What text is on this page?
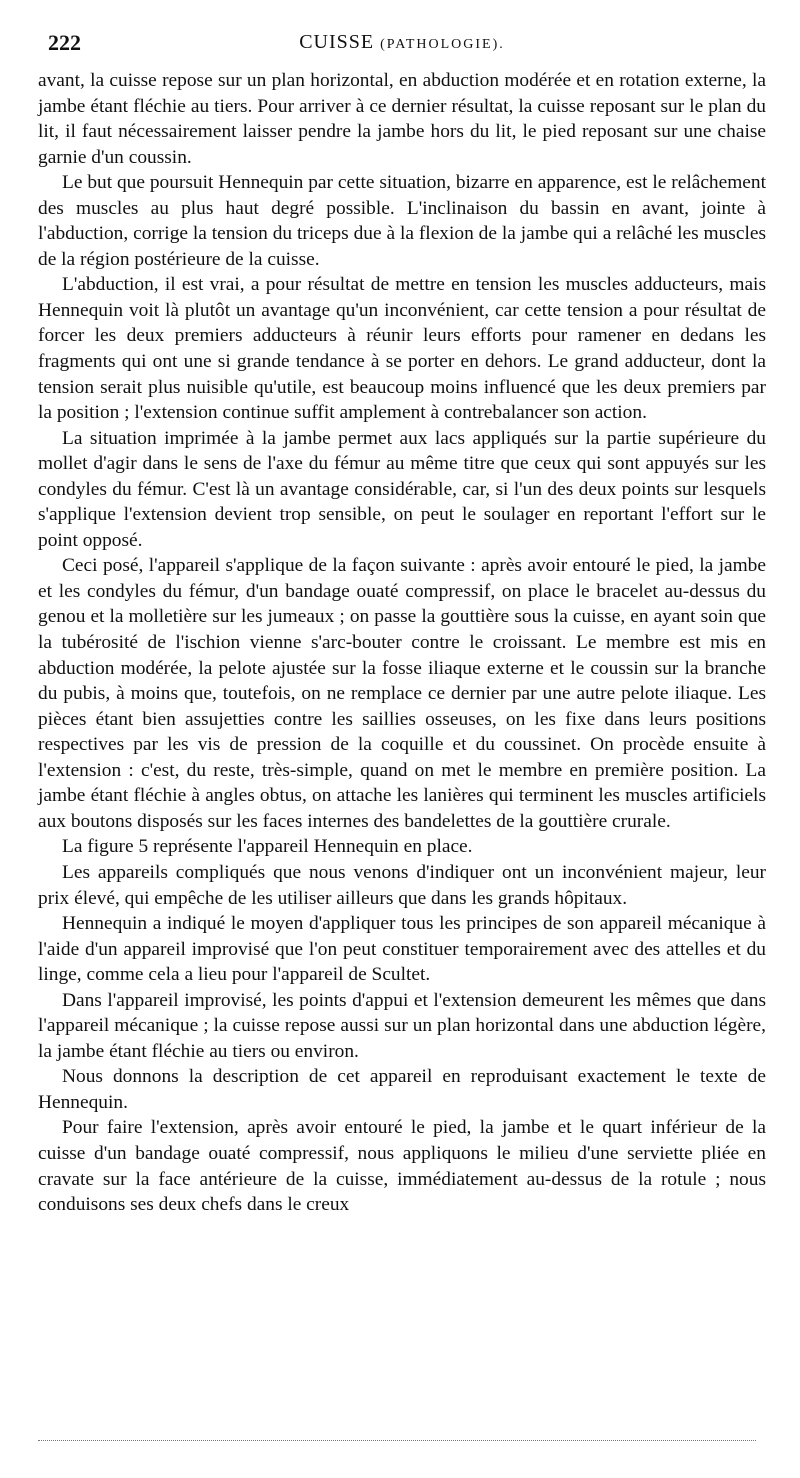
222	CUISSE (PATHOLOGIE).

avant, la cuisse repose sur un plan horizontal, en abduction modérée et en rotation externe, la jambe étant fléchie au tiers. Pour arriver à ce dernier résultat, la cuisse reposant sur le plan du lit, il faut nécessairement laisser pendre la jambe hors du lit, le pied reposant sur une chaise garnie d'un coussin.

Le but que poursuit Hennequin par cette situation, bizarre en apparence, est le relâchement des muscles au plus haut degré possible. L'inclinaison du bassin en avant, jointe à l'abduction, corrige la tension du triceps due à la flexion de la jambe qui a relâché les muscles de la région postérieure de la cuisse.

L'abduction, il est vrai, a pour résultat de mettre en tension les muscles adducteurs, mais Hennequin voit là plutôt un avantage qu'un inconvénient, car cette tension a pour résultat de forcer les deux premiers adducteurs à réunir leurs efforts pour ramener en dedans les fragments qui ont une si grande tendance à se porter en dehors. Le grand adducteur, dont la tension serait plus nuisible qu'utile, est beaucoup moins influencé que les deux premiers par la position ; l'extension continue suffit amplement à contrebalancer son action.

La situation imprimée à la jambe permet aux lacs appliqués sur la partie supérieure du mollet d'agir dans le sens de l'axe du fémur au même titre que ceux qui sont appuyés sur les condyles du fémur. C'est là un avantage considérable, car, si l'un des deux points sur lesquels s'applique l'extension devient trop sensible, on peut le soulager en reportant l'effort sur le point opposé.

Ceci posé, l'appareil s'applique de la façon suivante : après avoir entouré le pied, la jambe et les condyles du fémur, d'un bandage ouaté compressif, on place le bracelet au-dessus du genou et la molletière sur les jumeaux ; on passe la gouttière sous la cuisse, en ayant soin que la tubérosité de l'ischion vienne s'arc-bouter contre le croissant. Le membre est mis en abduction modérée, la pelote ajustée sur la fosse iliaque externe et le coussin sur la branche du pubis, à moins que, toutefois, on ne remplace ce dernier par une autre pelote iliaque. Les pièces étant bien assujetties contre les saillies osseuses, on les fixe dans leurs positions respectives par les vis de pression de la coquille et du coussinet. On procède ensuite à l'extension : c'est, du reste, très-simple, quand on met le membre en première position. La jambe étant fléchie à angles obtus, on attache les lanières qui terminent les muscles artificiels aux boutons disposés sur les faces internes des bandelettes de la gouttière crurale.

La figure 5 représente l'appareil Hennequin en place.

Les appareils compliqués que nous venons d'indiquer ont un inconvénient majeur, leur prix élevé, qui empêche de les utiliser ailleurs que dans les grands hôpitaux.

Hennequin a indiqué le moyen d'appliquer tous les principes de son appareil mécanique à l'aide d'un appareil improvisé que l'on peut constituer temporairement avec des attelles et du linge, comme cela a lieu pour l'appareil de Scultet.

Dans l'appareil improvisé, les points d'appui et l'extension demeurent les mêmes que dans l'appareil mécanique ; la cuisse repose aussi sur un plan horizontal dans une abduction légère, la jambe étant fléchie au tiers ou environ.

Nous donnons la description de cet appareil en reproduisant exactement le texte de Hennequin.

Pour faire l'extension, après avoir entouré le pied, la jambe et le quart inférieur de la cuisse d'un bandage ouaté compressif, nous appliquons le milieu d'une serviette pliée en cravate sur la face antérieure de la cuisse, immédiatement au-dessus de la rotule ; nous conduisons ses deux chefs dans le creux
